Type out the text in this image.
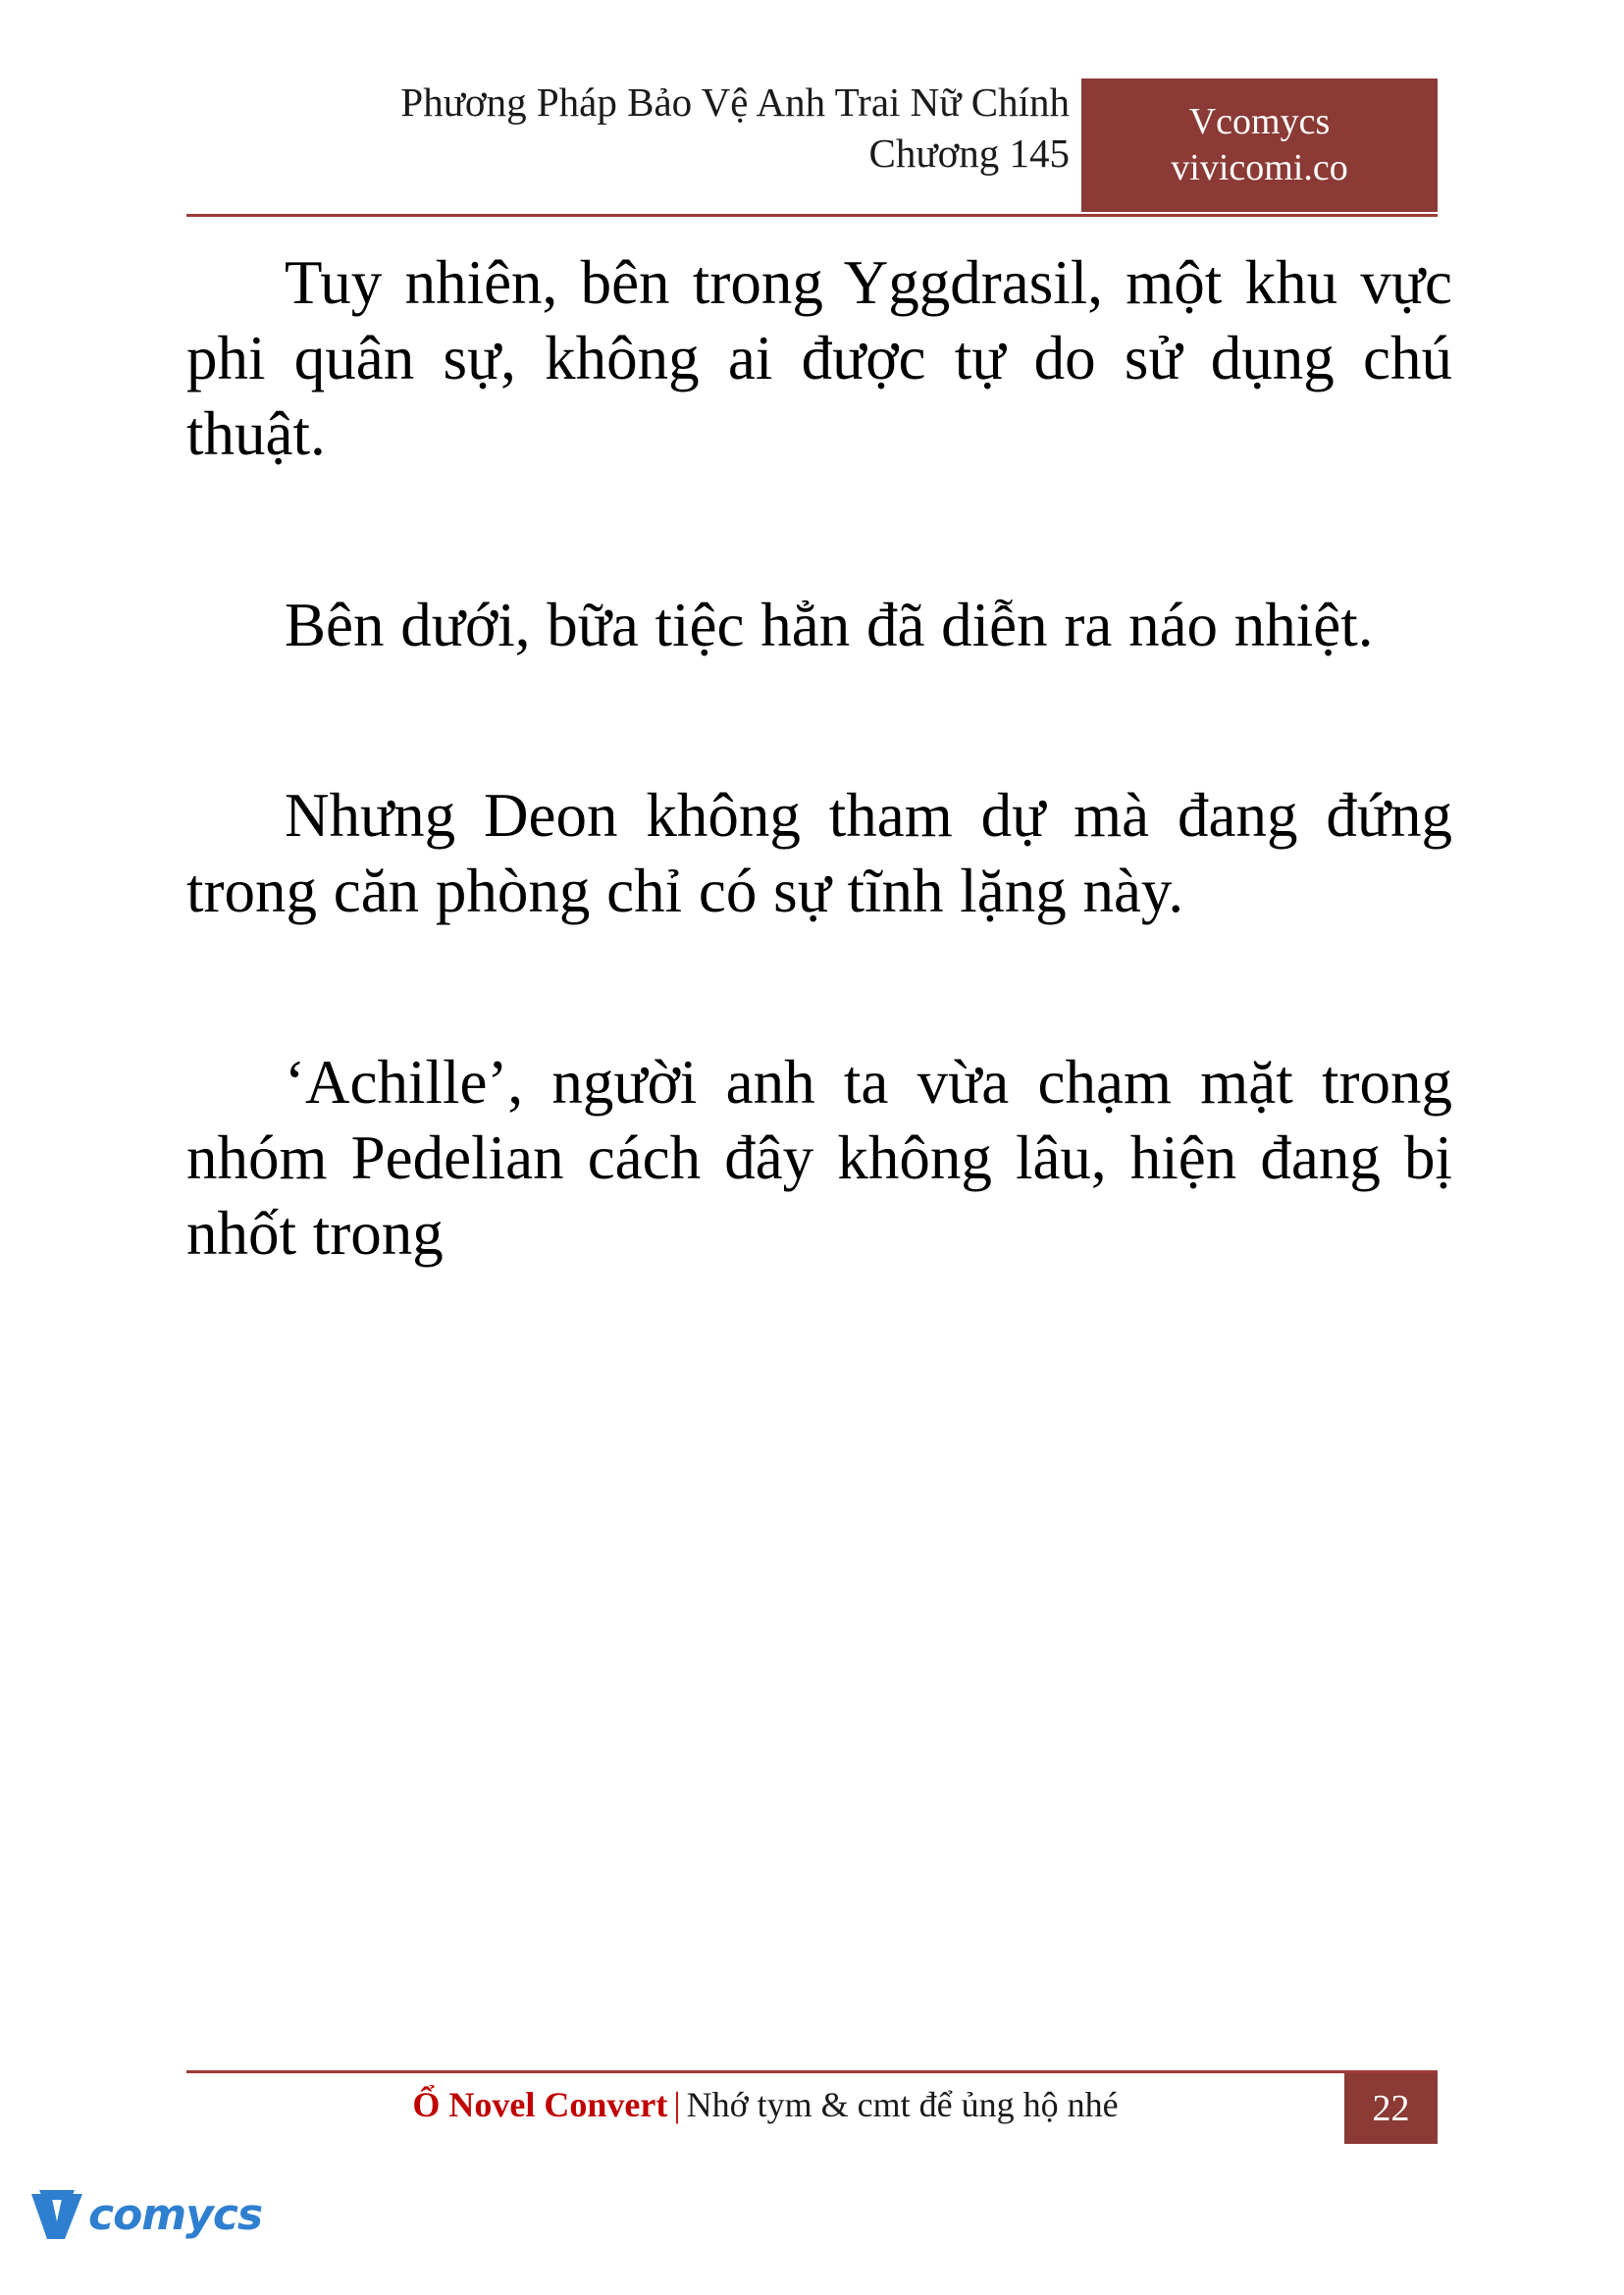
Phương Pháp Bảo Vệ Anh Trai Nữ Chính
Chương 145
Vcomycs
vivicomi.co

Tuy nhiên, bên trong Yggdrasil, một khu vực phi quân sự, không ai được tự do sử dụng chú thuật.

Bên dưới, bữa tiệc hẳn đã diễn ra náo nhiệt.

Nhưng Deon không tham dự mà đang đứng trong căn phòng chỉ có sự tĩnh lặng này.

‘Achille’, người anh ta vừa chạm mặt trong nhóm Pedelian cách đây không lâu, hiện đang bị nhốt trong

Ổ Novel Convert | Nhớ tym & cmt để ủng hộ nhé	22
comycs
